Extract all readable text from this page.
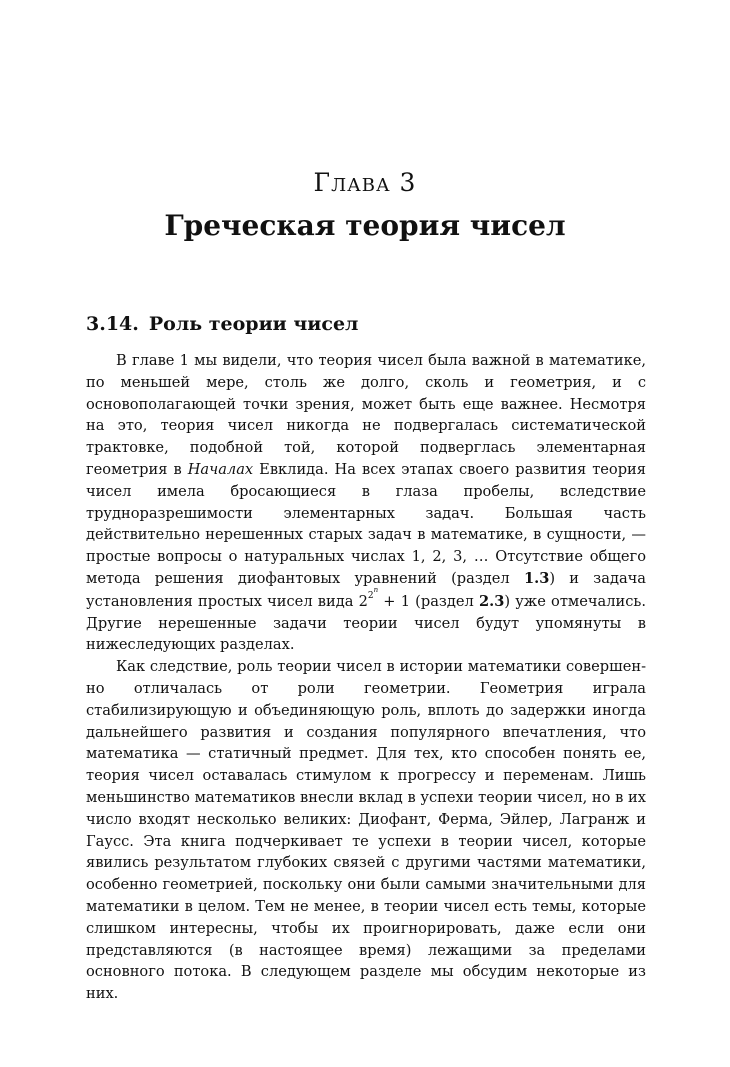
Глава 3
Греческая теория чисел
3.14. Роль теории чисел

В главе 1 мы видели, что теория чисел была важной в математике, по меньшей мере, столь же долго, сколь и геометрия, и с основополагающей точки зрения, может быть еще важнее. Несмотря на это, теория чисел никогда не подвергалась систематической трактовке, подобной той, которой подверглась элементарная геометрия в Началах Евклида. На всех этапах своего развития теория чисел имела бросающиеся в глаза пробелы, вследствие трудноразрешимости элементарных задач. Большая часть действительно нерешенных старых задач в математике, в сущности, — простые вопросы о натуральных числах 1, 2, 3, … Отсутствие общего метода решения диофантовых уравнений (раздел 1.3) и задача установления простых чисел вида $2^{2^n} + 1$ (раздел 2.3) уже отмечались. Другие нерешенные задачи теории чисел будут упомянуты в нижеследующих разделах.

Как следствие, роль теории чисел в истории математики совершенно отличалась от роли геометрии. Геометрия играла стабилизирующую и объединяющую роль, вплоть до задержки иногда дальнейшего развития и создания популярного впечатления, что математика — статичный предмет. Для тех, кто способен понять ее, теория чисел оставалась стимулом к прогрессу и переменам. Лишь меньшинство математиков внесли вклад в успехи теории чисел, но в их число входят несколько великих: Диофант, Ферма, Эйлер, Лагранж и Гаусс. Эта книга подчеркивает те успехи в теории чисел, которые явились результатом глубоких связей с другими частями математики, особенно геометрией, поскольку они были самыми значительными для математики в целом. Тем не менее, в теории чисел есть темы, которые слишком интересны, чтобы их проигнорировать, даже если они представляются (в настоящее время) лежащими за пределами основного потока. В следующем разделе мы обсудим некоторые из них.
